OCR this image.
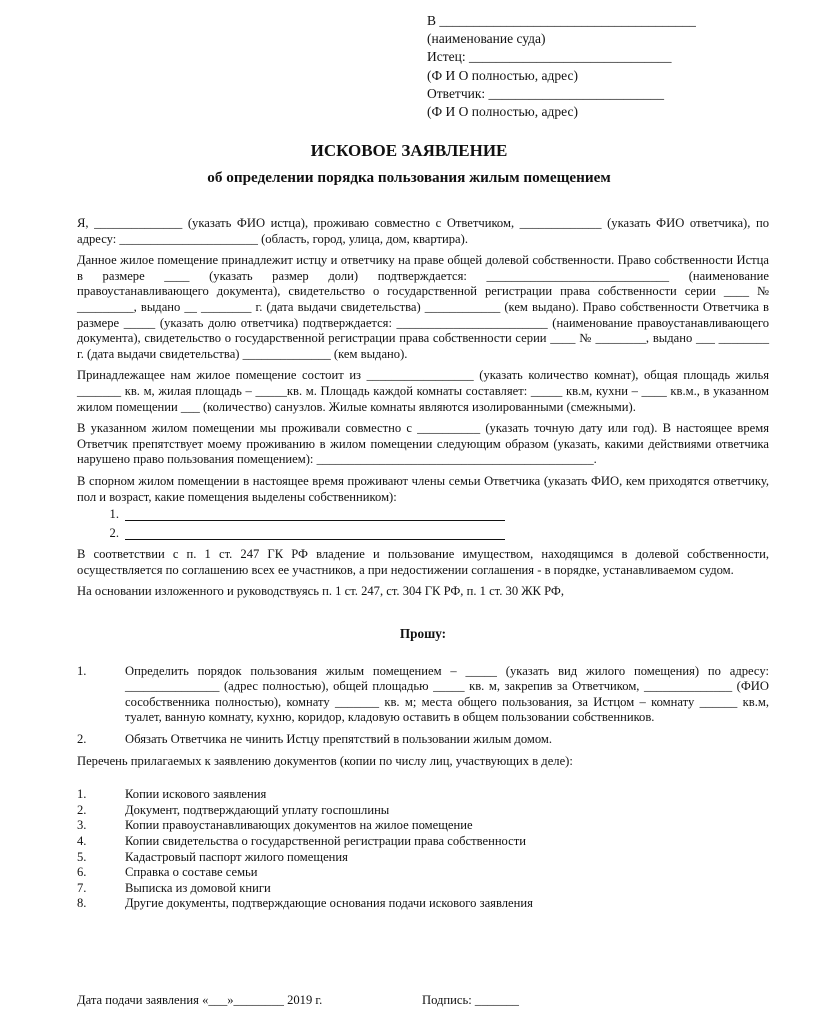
В ______________________________________
(наименование суда)
Истец: ______________________________
(Ф И О полностью, адрес)
Ответчик: __________________________
(Ф И О полностью, адрес)
ИСКОВОЕ ЗАЯВЛЕНИЕ
об определении порядка пользования жилым помещением

Я, ______________ (указать ФИО истца), проживаю совместно с Ответчиком, _____________ (указать ФИО ответчика), по адресу: ______________________ (область, город, улица, дом, квартира).

Данное жилое помещение принадлежит истцу и ответчику на праве общей долевой собственности. Право собственности Истца в размере ____ (указать размер доли) подтверждается: _____________________________ (наименование правоустанавливающего документа), свидетельство о государственной регистрации права собственности серии ____ № _________, выдано __ ________ г. (дата выдачи свидетельства) ____________ (кем выдано). Право собственности Ответчика в размере _____ (указать долю ответчика) подтверждается: ________________________ (наименование правоустанавливающего документа), свидетельство о государственной регистрации права собственности серии ____ № ________, выдано ___ ________ г. (дата выдачи свидетельства) ______________ (кем выдано).

Принадлежащее нам жилое помещение состоит из _________________ (указать количество комнат), общая площадь жилья _______ кв. м, жилая площадь – _____кв. м. Площадь каждой комнаты составляет: _____ кв.м, кухни – ____ кв.м., в указанном жилом помещении ___ (количество) санузлов. Жилые комнаты являются изолированными (смежными).

В указанном жилом помещении мы проживали совместно с __________ (указать точную дату или год). В настоящее время Ответчик препятствует моему проживанию в жилом помещении следующим образом (указать, какими действиями ответчика нарушено право пользования помещением): ____________________________________________.

В спорном жилом помещении в настоящее время проживают члены семьи Ответчика (указать ФИО, кем приходятся ответчику, пол и возраст, какие помещения выделены собственником):

1.
2.

В соответствии с п. 1 ст. 247 ГК РФ владение и пользование имуществом, находящимся в долевой собственности, осуществляется по соглашению всех ее участников, а при недостижении соглашения - в порядке, устанавливаемом судом.

На основании изложенного и руководствуясь п. 1 ст. 247, ст. 304 ГК РФ, п. 1 ст. 30 ЖК РФ,

Прошу:
1.	Определить порядок пользования жилым помещением – _____ (указать вид жилого помещения) по адресу: _______________ (адрес полностью), общей площадью _____ кв. м, закрепив за Ответчиком, ______________ (ФИО сособственника полностью), комнату _______ кв. м; места общего пользования, за Истцом – комнату ______ кв.м, туалет, ванную комнату, кухню, коридор, кладовую оставить в общем пользовании собственников.
2.	Обязать Ответчика не чинить Истцу препятствий в пользовании жилым домом.

Перечень прилагаемых к заявлению документов (копии по числу лиц, участвующих в деле):

1.	Копии искового заявления
2.	Документ, подтверждающий уплату госпошлины
3.	Копии правоустанавливающих документов на жилое помещение
4.	Копии свидетельства о государственной регистрации права собственности
5.	Кадастровый паспорт жилого помещения
6.	Справка о составе семьи
7.	Выписка из домовой книги
8.	Другие документы, подтверждающие основания подачи искового заявления
Дата подачи заявления «___»________ 2019 г.	Подпись: _______
